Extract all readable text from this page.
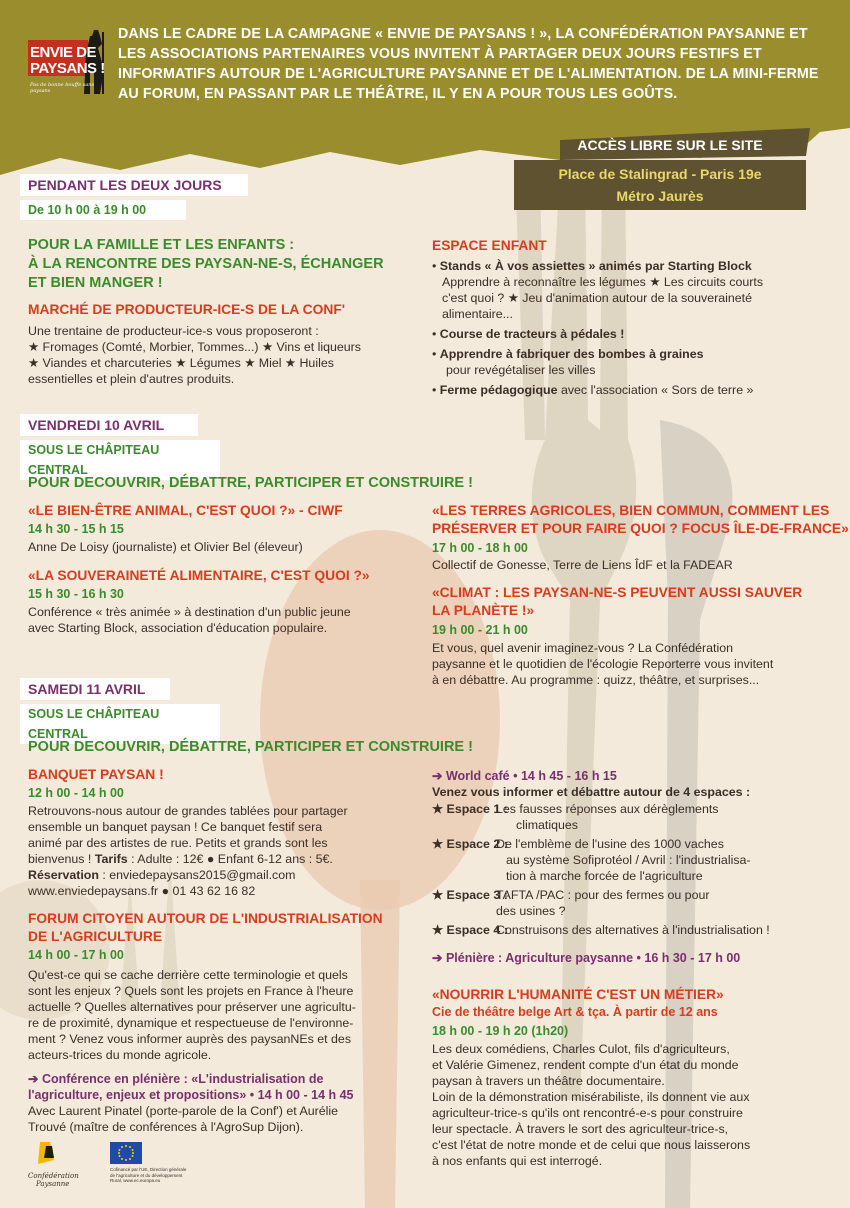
ENVIE DE
PAYSANS !
Pas de bonne bouffe sans paysans
DANS LE CADRE DE LA CAMPAGNE « ENVIE DE PAYSANS ! », LA CONFÉDÉRATION PAYSANNE ET LES ASSOCIATIONS PARTENAIRES VOUS INVITENT À PARTAGER DEUX JOURS FESTIFS ET INFORMATIFS AUTOUR DE L'AGRICULTURE PAYSANNE ET DE L'ALIMENTATION. DE LA MINI-FERME AU FORUM, EN PASSANT PAR LE THÉÂTRE, IL Y EN A POUR TOUS LES GOÛTS.
ACCÈS LIBRE SUR LE SITE
Place de Stalingrad - Paris 19e
Métro Jaurès
PENDANT LES DEUX JOURS
De 10 h 00 à 19 h 00
POUR LA FAMILLE ET LES ENFANTS :
À LA RENCONTRE DES PAYSAN-NE-S, ÉCHANGER
ET BIEN MANGER !
MARCHÉ DE PRODUCTEUR-ICE-S DE LA CONF'
Une trentaine de producteur-ice-s vous proposeront :
★ Fromages (Comté, Morbier, Tommes...) ★ Vins et liqueurs
★ Viandes et charcuteries ★ Légumes ★ Miel ★ Huiles
essentielles et plein d'autres produits.
ESPACE ENFANT
• Stands « À vos assiettes » animés par Starting Block
Apprendre à reconnaître les légumes ★ Les circuits courts
c'est quoi ? ★ Jeu d'animation autour de la souveraineté
alimentaire...
• Course de tracteurs à pédales !
• Apprendre à fabriquer des bombes à graines
pour revégétaliser les villes
• Ferme pédagogique avec l'association « Sors de terre »
VENDREDI 10 AVRIL
SOUS LE CHÂPITEAU CENTRAL
POUR DECOUVRIR, DÉBATTRE, PARTICIPER ET CONSTRUIRE !
«LE BIEN-ÊTRE ANIMAL, C'EST QUOI ?» - CIWF
14 h 30 - 15 h 15
Anne De Loisy (journaliste) et Olivier Bel (éleveur)
«LA SOUVERAINETÉ ALIMENTAIRE, C'EST QUOI ?»
15 h 30 - 16 h 30
Conférence « très animée » à destination d'un public jeune
avec Starting Block, association d'éducation populaire.
«LES TERRES AGRICOLES, BIEN COMMUN, COMMENT LES
PRÉSERVER ET POUR FAIRE QUOI ? FOCUS ÎLE-DE-FRANCE»
17 h 00 - 18 h 00
Collectif de Gonesse, Terre de Liens ÎdF et la FADEAR
«CLIMAT : LES PAYSAN-NE-S PEUVENT AUSSI SAUVER
LA PLANÈTE !»
19 h 00 - 21 h 00
Et vous, quel avenir imaginez-vous ? La Confédération
paysanne et le quotidien de l'écologie Reporterre vous invitent
à en débattre. Au programme : quizz, théâtre, et surprises...
SAMEDI 11 AVRIL
SOUS LE CHÂPITEAU CENTRAL
POUR DECOUVRIR, DÉBATTRE, PARTICIPER ET CONSTRUIRE !
BANQUET PAYSAN !
12 h 00 - 14 h 00
Retrouvons-nous autour de grandes tablées pour partager
ensemble un banquet paysan ! Ce banquet festif sera
animé par des artistes de rue. Petits et grands sont les
bienvenus ! Tarifs : Adulte : 12€ ● Enfant 6-12 ans : 5€.
Réservation : enviedepaysans2015@gmail.com
www.enviedepaysans.fr ● 01 43 62 16 82
FORUM CITOYEN AUTOUR DE L'INDUSTRIALISATION
DE L'AGRICULTURE
14 h 00 - 17 h 00
Qu'est-ce qui se cache derrière cette terminologie et quels
sont les enjeux ? Quels sont les projets en France à l'heure
actuelle ? Quelles alternatives pour préserver une agricultu-
re de proximité, dynamique et respectueuse de l'environne-
ment ? Venez vous informer auprès des paysanNEs et des
acteurs-trices du monde agricole.
➔ Conférence en plénière : «L'industrialisation de
l'agriculture, enjeux et propositions» • 14 h 00 - 14 h 45
Avec Laurent Pinatel (porte-parole de la Conf') et Aurélie
Trouvé (maître de conférences à l'AgroSup Dijon).
➔ World café • 14 h 45 - 16 h 15
Venez vous informer et débattre autour de 4 espaces :
★ Espace 1 :
Les fausses réponses aux dérèglements
climatiques
★ Espace 2 :
De l'emblème de l'usine des 1000 vaches
au système Sofiprotéol / Avril : l'industrialisa-
tion à marche forcée de l'agriculture
★ Espace 3 :
TAFTA /PAC : pour des fermes ou pour
des usines ?
★ Espace 4 :
Construisons des alternatives à l'industrialisation !
➔ Plénière : Agriculture paysanne • 16 h 30 - 17 h 00
«NOURRIR L'HUMANITÉ C'EST UN MÉTIER»
Cie de théâtre belge Art & tça. À partir de 12 ans
18 h 00 - 19 h 20 (1h20)
Les deux comédiens, Charles Culot, fils d'agriculteurs,
et Valérie Gimenez, rendent compte d'un état du monde
paysan à travers un théâtre documentaire.
Loin de la démonstration misérabiliste, ils donnent vie aux
agriculteur-trice-s qu'ils ont rencontré-e-s pour construire
leur spectacle. À travers le sort des agriculteur-trice-s,
c'est l'état de notre monde et de celui que nous laisserons
à nos enfants qui est interrogé.
Confédération
Paysanne
Cofinancé par l'UE, Direction générale
de l'agriculture et du développement
Rural, www.ec.europa.eu
